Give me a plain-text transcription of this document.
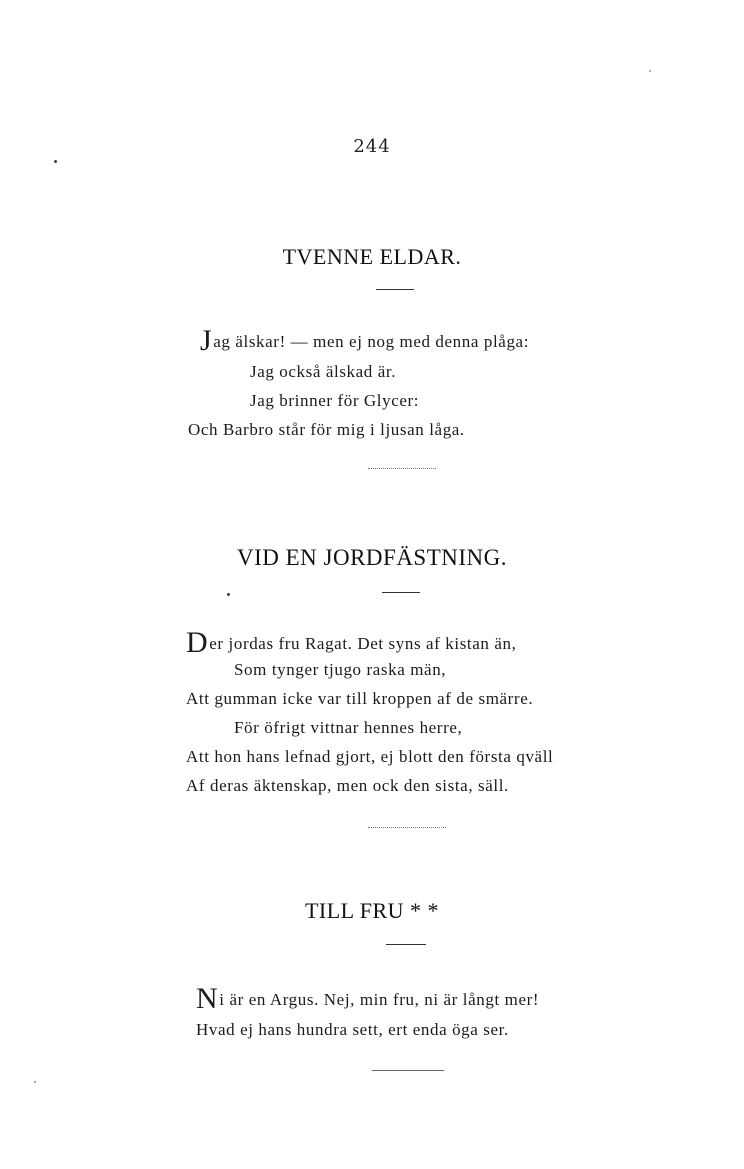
244
TVENNE ELDAR.
Jag älskar! — men ej nog med denna plåga:
Jag också älskad är.
Jag brinner för Glycer:
Och Barbro står för mig i ljusan låga.
VID EN JORDFÄSTNING.
Der jordas fru Ragat. Det syns af kistan än,
Som tynger tjugo raska män,
Att gumman icke var till kroppen af de smärre.
För öfrigt vittnar hennes herre,
Att hon hans lefnad gjort, ej blott den första qväll
Af deras äktenskap, men ock den sista, säll.
TILL FRU * *
Ni är en Argus. Nej, min fru, ni är långt mer!
Hvad ej hans hundra sett, ert enda öga ser.
